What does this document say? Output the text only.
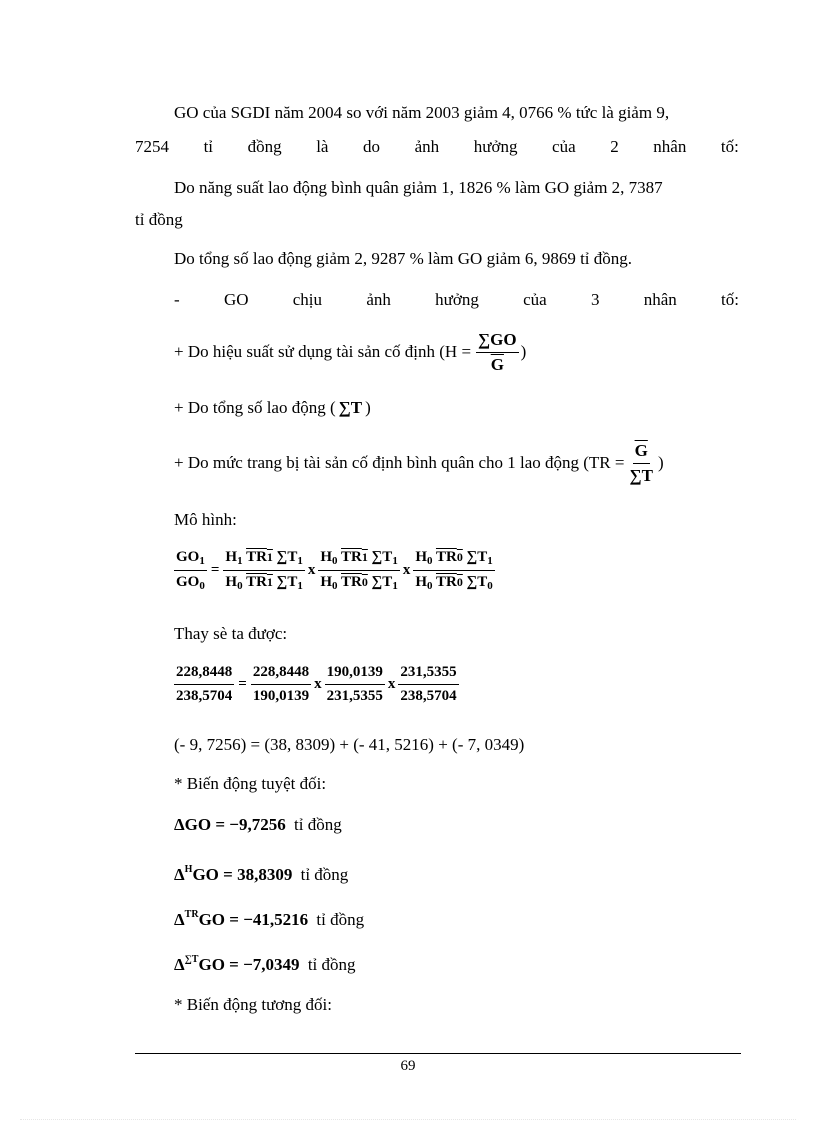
GO của SGDI năm 2004 so với năm 2003 giảm 4, 0766 % tức là giảm 9,
7254 tỉ đồng là do ảnh hưởng của 2 nhân tố:
Do năng suất lao động bình quân giảm 1, 1826 % làm GO giảm 2, 7387
tỉ đồng
Do tổng số lao động giảm 2, 9287 % làm GO giảm 6, 9869 tỉ đồng.
-	GO	chịu	ảnh	hưởng	của	3	nhân	tố:
+ Do hiệu suất sử dụng tài sản cố định ($H = \frac{\sum GO}{G}$ )
+ Do tổng số lao động ( ∑T )
+ Do mức trang bị tài sản cố định bình quân cho 1 lao động ($TR = \frac{\overline{G}}{\sum T}$ )
Mô hình:
$\frac{GO_1}{GO_0} = \frac{H_1 \overline{TR}1 \sum T_1}{H_0 \overline{TR}1 \sum T_1}$ x $\frac{H_0 \overline{TR}1 \sum T_1}{H_0 \overline{TR}0 \sum T_1}$ x $\frac{H_0 \overline{TR}0 \sum T_1}{H_0 \overline{TR}0 \sum T_0}$
Thay sè ta được:
$\frac{228,8448}{238,5704} = \frac{228,8448}{190,0139}$ x $\frac{190,0139}{231,5355}$ x $\frac{231,5355}{238,5704}$
(- 9, 7256) = (38, 8309) + (- 41, 5216) + (- 7, 0349)
* Biến động tuyệt đối:
ΔGO = −9,7256 tỉ đồng
$\Delta^HGO = 38,8309$ tỉ đồng
$\Delta^{TR}GO = -41,5216$ tỉ đồng
$\Delta^{\sum T}GO = -7,0349$ tỉ đồng
* Biến động tương đối:
69
